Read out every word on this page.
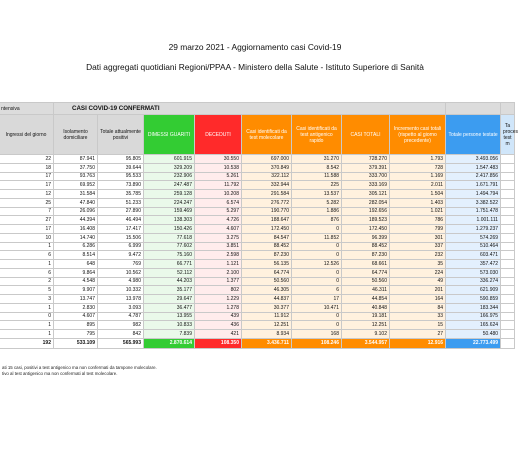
29 marzo 2021 - Aggiornamento casi Covid-19
Dati aggregati quotidiani Regioni/PPAA - Ministero della Salute - Istituto Superiore di Sanità
ntensiva	CASI COVID-19 CONFERMATI									
Ingressi del giorno	Isolamento domiciliare	Totale attualmente positivi	DIMESSI GUARITI	DECEDUTI	Casi identificati da test molecolare	Casi identificati da test antigenico rapido	CASI TOTALI	Incremento casi totali (rispetto al giorno precedente)	Totale persone testate	Ta proces test m
22	87.941	95.805	601.915	30.550	697.000	31.270	728.270	1.793	3.493.056	
18	37.750	39.644	329.209	10.538	370.849	8.542	379.391	728	1.547.483	
17	93.763	95.533	232.906	5.261	322.112	11.588	333.700	1.169	2.417.856	
17	69.952	73.890	247.487	11.792	332.944	225	333.169	2.011	1.671.791	
12	31.584	35.785	259.128	10.208	291.584	13.537	305.121	1.504	1.494.794	
25	47.840	51.233	224.247	6.574	276.772	5.282	282.054	1.403	3.382.522	
7	26.096	27.890	159.469	5.297	190.770	1.886	192.656	1.021	1.751.478	
27	44.394	46.494	138.303	4.726	188.647	876	189.523	786	1.001.111	
17	16.408	17.417	150.426	4.607	172.450	0	172.450	799	1.279.237	
10	14.740	15.506	77.618	3.275	84.547	11.852	96.399	301	574.269	
1	6.286	6.999	77.602	3.851	88.452	0	88.452	337	510.464	
6	8.514	9.472	75.160	2.598	87.230	0	87.230	232	603.471	
1	648	769	66.771	1.121	56.135	12.526	68.661	35	357.472	
6	9.864	10.562	52.112	2.100	64.774	0	64.774	224	573.030	
2	4.548	4.980	44.203	1.377	50.560	0	50.560	49	336.274	
5	9.907	10.332	35.177	802	46.305	6	46.311	201	621.909	
3	13.747	13.978	29.647	1.229	44.837	17	44.854	164	590.859	
1	2.830	3.093	36.477	1.278	30.377	10.471	40.848	84	183.344	
0	4.607	4.787	13.955	439	11.912	0	19.181	33	166.975	
1	895	982	10.833	436	12.251	0	12.251	15	165.624	
1	795	842	7.839	421	8.934	168	9.102	27	50.480	
192	533.109	565.993	2.870.614	108.350	3.436.711	108.246	3.544.957	12.916	22.773.499	
ati 15 casi, positivi a test antigenico ma non confermati da tampone molecolare.
tivo al test antigenico ma non confermati al test molecolare.
